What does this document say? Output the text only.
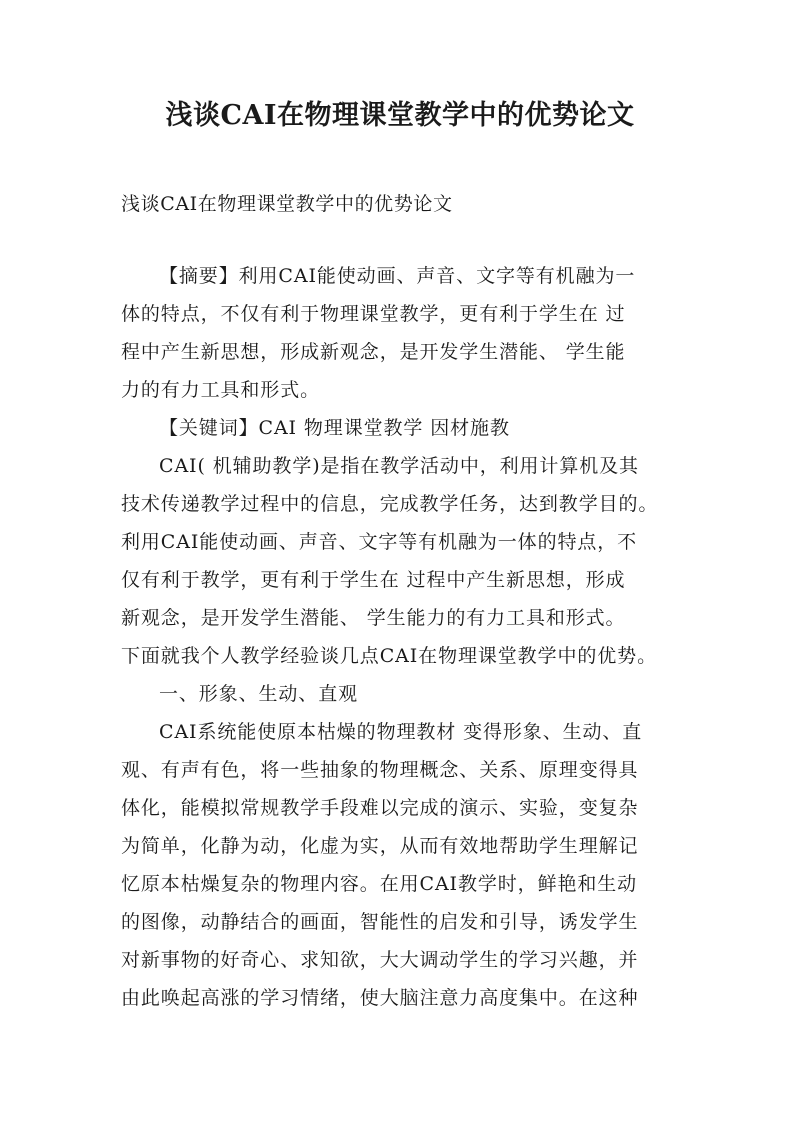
浅谈CAI在物理课堂教学中的优势论文

浅谈CAI在物理课堂教学中的优势论文

【摘要】利用CAI能使动画、声音、文字等有机融为一
体的特点，不仅有利于物理课堂教学，更有利于学生在 过
程中产生新思想，形成新观念，是开发学生潜能、 学生能
力的有力工具和形式。
【关键词】CAI 物理课堂教学 因材施教
CAI( 机辅助教学)是指在教学活动中，利用计算机及其
技术传递教学过程中的信息，完成教学任务，达到教学目的。
利用CAI能使动画、声音、文字等有机融为一体的特点，不
仅有利于教学，更有利于学生在 过程中产生新思想，形成
新观念，是开发学生潜能、 学生能力的有力工具和形式。
下面就我个人教学经验谈几点CAI在物理课堂教学中的优势。
一、形象、生动、直观
CAI系统能使原本枯燥的物理教材 变得形象、生动、直
观、有声有色，将一些抽象的物理概念、关系、原理变得具
体化，能模拟常规教学手段难以完成的演示、实验，变复杂
为简单，化静为动，化虚为实，从而有效地帮助学生理解记
忆原本枯燥复杂的物理内容。在用CAI教学时，鲜艳和生动
的图像，动静结合的画面，智能性的启发和引导，诱发学生
对新事物的好奇心、求知欲，大大调动学生的学习兴趣，并
由此唤起高涨的学习情绪，使大脑注意力高度集中。在这种
